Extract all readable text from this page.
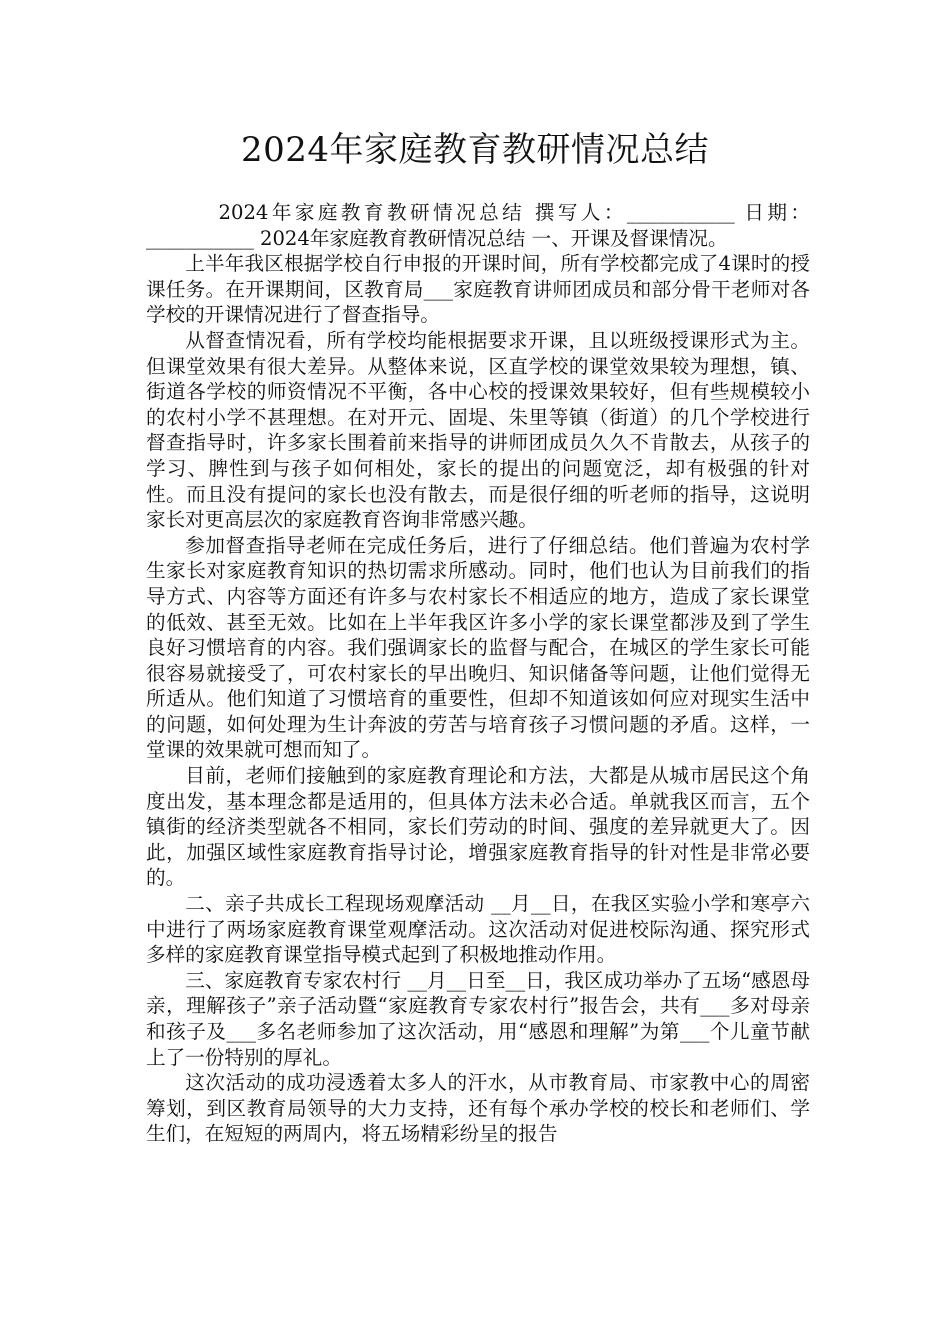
2024年家庭教育教研情况总结

2024年家庭教育教研情况总结 撰写人：___________ 日期：___________ 2024年家庭教育教研情况总结 一、开课及督课情况。

上半年我区根据学校自行申报的开课时间，所有学校都完成了4课时的授课任务。在开课期间，区教育局___家庭教育讲师团成员和部分骨干老师对各学校的开课情况进行了督查指导。

从督查情况看，所有学校均能根据要求开课，且以班级授课形式为主。但课堂效果有很大差异。从整体来说，区直学校的课堂效果较为理想，镇、街道各学校的师资情况不平衡，各中心校的授课效果较好，但有些规模较小的农村小学不甚理想。在对开元、固堤、朱里等镇（街道）的几个学校进行督查指导时，许多家长围着前来指导的讲师团成员久久不肯散去，从孩子的学习、脾性到与孩子如何相处，家长的提出的问题宽泛，却有极强的针对性。而且没有提问的家长也没有散去，而是很仔细的听老师的指导，这说明家长对更高层次的家庭教育咨询非常感兴趣。

参加督查指导老师在完成任务后，进行了仔细总结。他们普遍为农村学生家长对家庭教育知识的热切需求所感动。同时，他们也认为目前我们的指导方式、内容等方面还有许多与农村家长不相适应的地方，造成了家长课堂的低效、甚至无效。比如在上半年我区许多小学的家长课堂都涉及到了学生良好习惯培育的内容。我们强调家长的监督与配合，在城区的学生家长可能很容易就接受了，可农村家长的早出晚归、知识储备等问题，让他们觉得无所适从。他们知道了习惯培育的重要性，但却不知道该如何应对现实生活中的问题，如何处理为生计奔波的劳苦与培育孩子习惯问题的矛盾。这样，一堂课的效果就可想而知了。

目前，老师们接触到的家庭教育理论和方法，大都是从城市居民这个角度出发，基本理念都是适用的，但具体方法未必合适。单就我区而言，五个镇街的经济类型就各不相同，家长们劳动的时间、强度的差异就更大了。因此，加强区域性家庭教育指导讨论，增强家庭教育指导的针对性是非常必要的。

二、亲子共成长工程现场观摩活动 __月__日，在我区实验小学和寒亭六中进行了两场家庭教育课堂观摩活动。这次活动对促进校际沟通、探究形式多样的家庭教育课堂指导模式起到了积极地推动作用。

三、家庭教育专家农村行 __月__日至__日，我区成功举办了五场“感恩母亲，理解孩子”亲子活动暨“家庭教育专家农村行”报告会，共有___多对母亲和孩子及___多名老师参加了这次活动，用“感恩和理解”为第___个儿童节献上了一份特别的厚礼。

这次活动的成功浸透着太多人的汗水，从市教育局、市家教中心的周密筹划，到区教育局领导的大力支持，还有每个承办学校的校长和老师们、学生们，在短短的两周内，将五场精彩纷呈的报告
